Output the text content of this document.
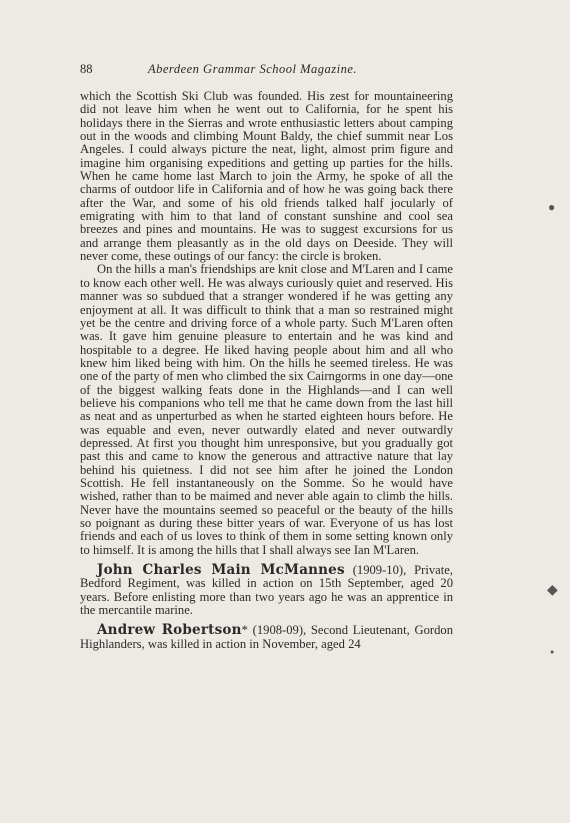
88	Aberdeen Grammar School Magazine.

which the Scottish Ski Club was founded. His zest for mountaineering did not leave him when he went out to California, for he spent his holidays there in the Sierras and wrote enthusiastic letters about camping out in the woods and climbing Mount Baldy, the chief summit near Los Angeles. I could always picture the neat, light, almost prim figure and imagine him organising expeditions and getting up parties for the hills. When he came home last March to join the Army, he spoke of all the charms of outdoor life in California and of how he was going back there after the War, and some of his old friends talked half jocularly of emigrating with him to that land of constant sunshine and cool sea breezes and pines and mountains. He was to suggest excursions for us and arrange them pleasantly as in the old days on Deeside. They will never come, these outings of our fancy: the circle is broken.

On the hills a man's friendships are knit close and M'Laren and I came to know each other well. He was always curiously quiet and reserved. His manner was so subdued that a stranger wondered if he was getting any enjoyment at all. It was difficult to think that a man so restrained might yet be the centre and driving force of a whole party. Such M'Laren often was. It gave him genuine pleasure to entertain and he was kind and hospitable to a degree. He liked having people about him and all who knew him liked being with him. On the hills he seemed tireless. He was one of the party of men who climbed the six Cairngorms in one day—one of the biggest walking feats done in the Highlands—and I can well believe his companions who tell me that he came down from the last hill as neat and as unperturbed as when he started eighteen hours before. He was equable and even, never outwardly elated and never outwardly depressed. At first you thought him unresponsive, but you gradually got past this and came to know the generous and attractive nature that lay behind his quietness. I did not see him after he joined the London Scottish. He fell instantaneously on the Somme. So he would have wished, rather than to be maimed and never able again to climb the hills. Never have the mountains seemed so peaceful or the beauty of the hills so poignant as during these bitter years of war. Everyone of us has lost friends and each of us loves to think of them in some setting known only to himself. It is among the hills that I shall always see Ian M'Laren.

John Charles Main McMannes (1909-10), Private, Bedford Regiment, was killed in action on 15th September, aged 20 years. Before enlisting more than two years ago he was an apprentice in the mercantile marine.

Andrew Robertson* (1908-09), Second Lieutenant, Gordon Highlanders, was killed in action in November, aged 24

●
◆
●
